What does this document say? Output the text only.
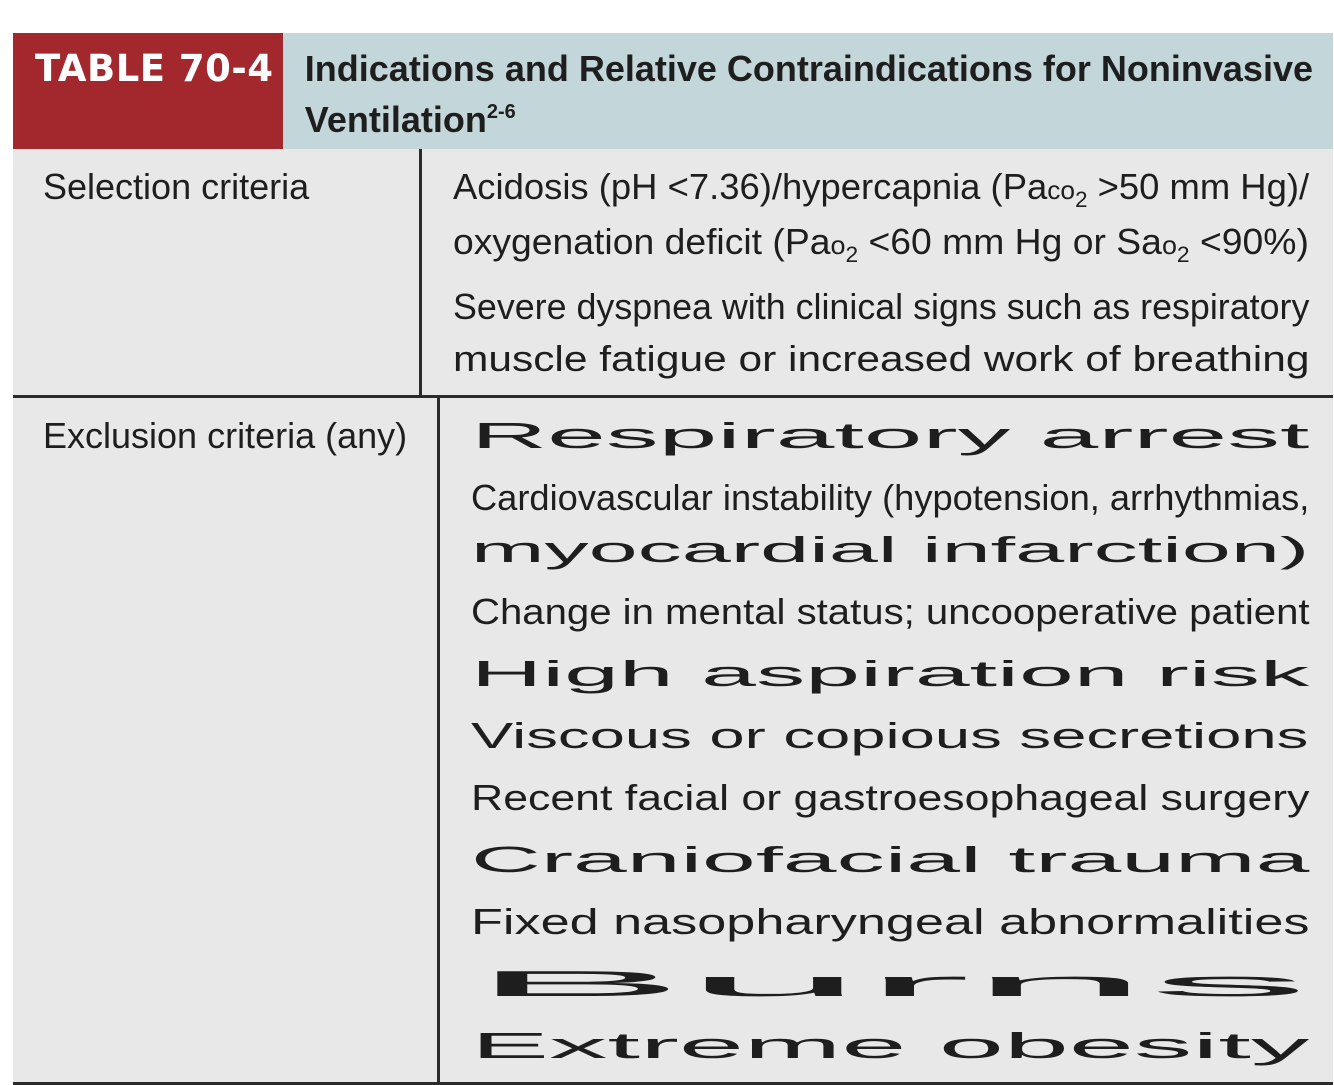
TABLE 70-4 Indications and Relative Contraindications for Noninvasive
Ventilation$^{2-6}$
Selection criteria	Acidosis (pH <7.36)/hypercapnia (Paco$_2$ >50 mm Hg)/ oxygenation deficit (Pao$_2$ <60 mm Hg or Sao$_2$ <90%)
Severe dyspnea with clinical signs such as respiratory muscle fatigue or increased work of breathing
Exclusion criteria (any)	Respiratory arrest
Cardiovascular instability (hypotension, arrhythmias, myocardial infarction)
Change in mental status; uncooperative patient
High aspiration risk
Viscous or copious secretions
Recent facial or gastroesophageal surgery
Craniofacial trauma
Fixed nasopharyngeal abnormalities
Burns
Extreme obesity
